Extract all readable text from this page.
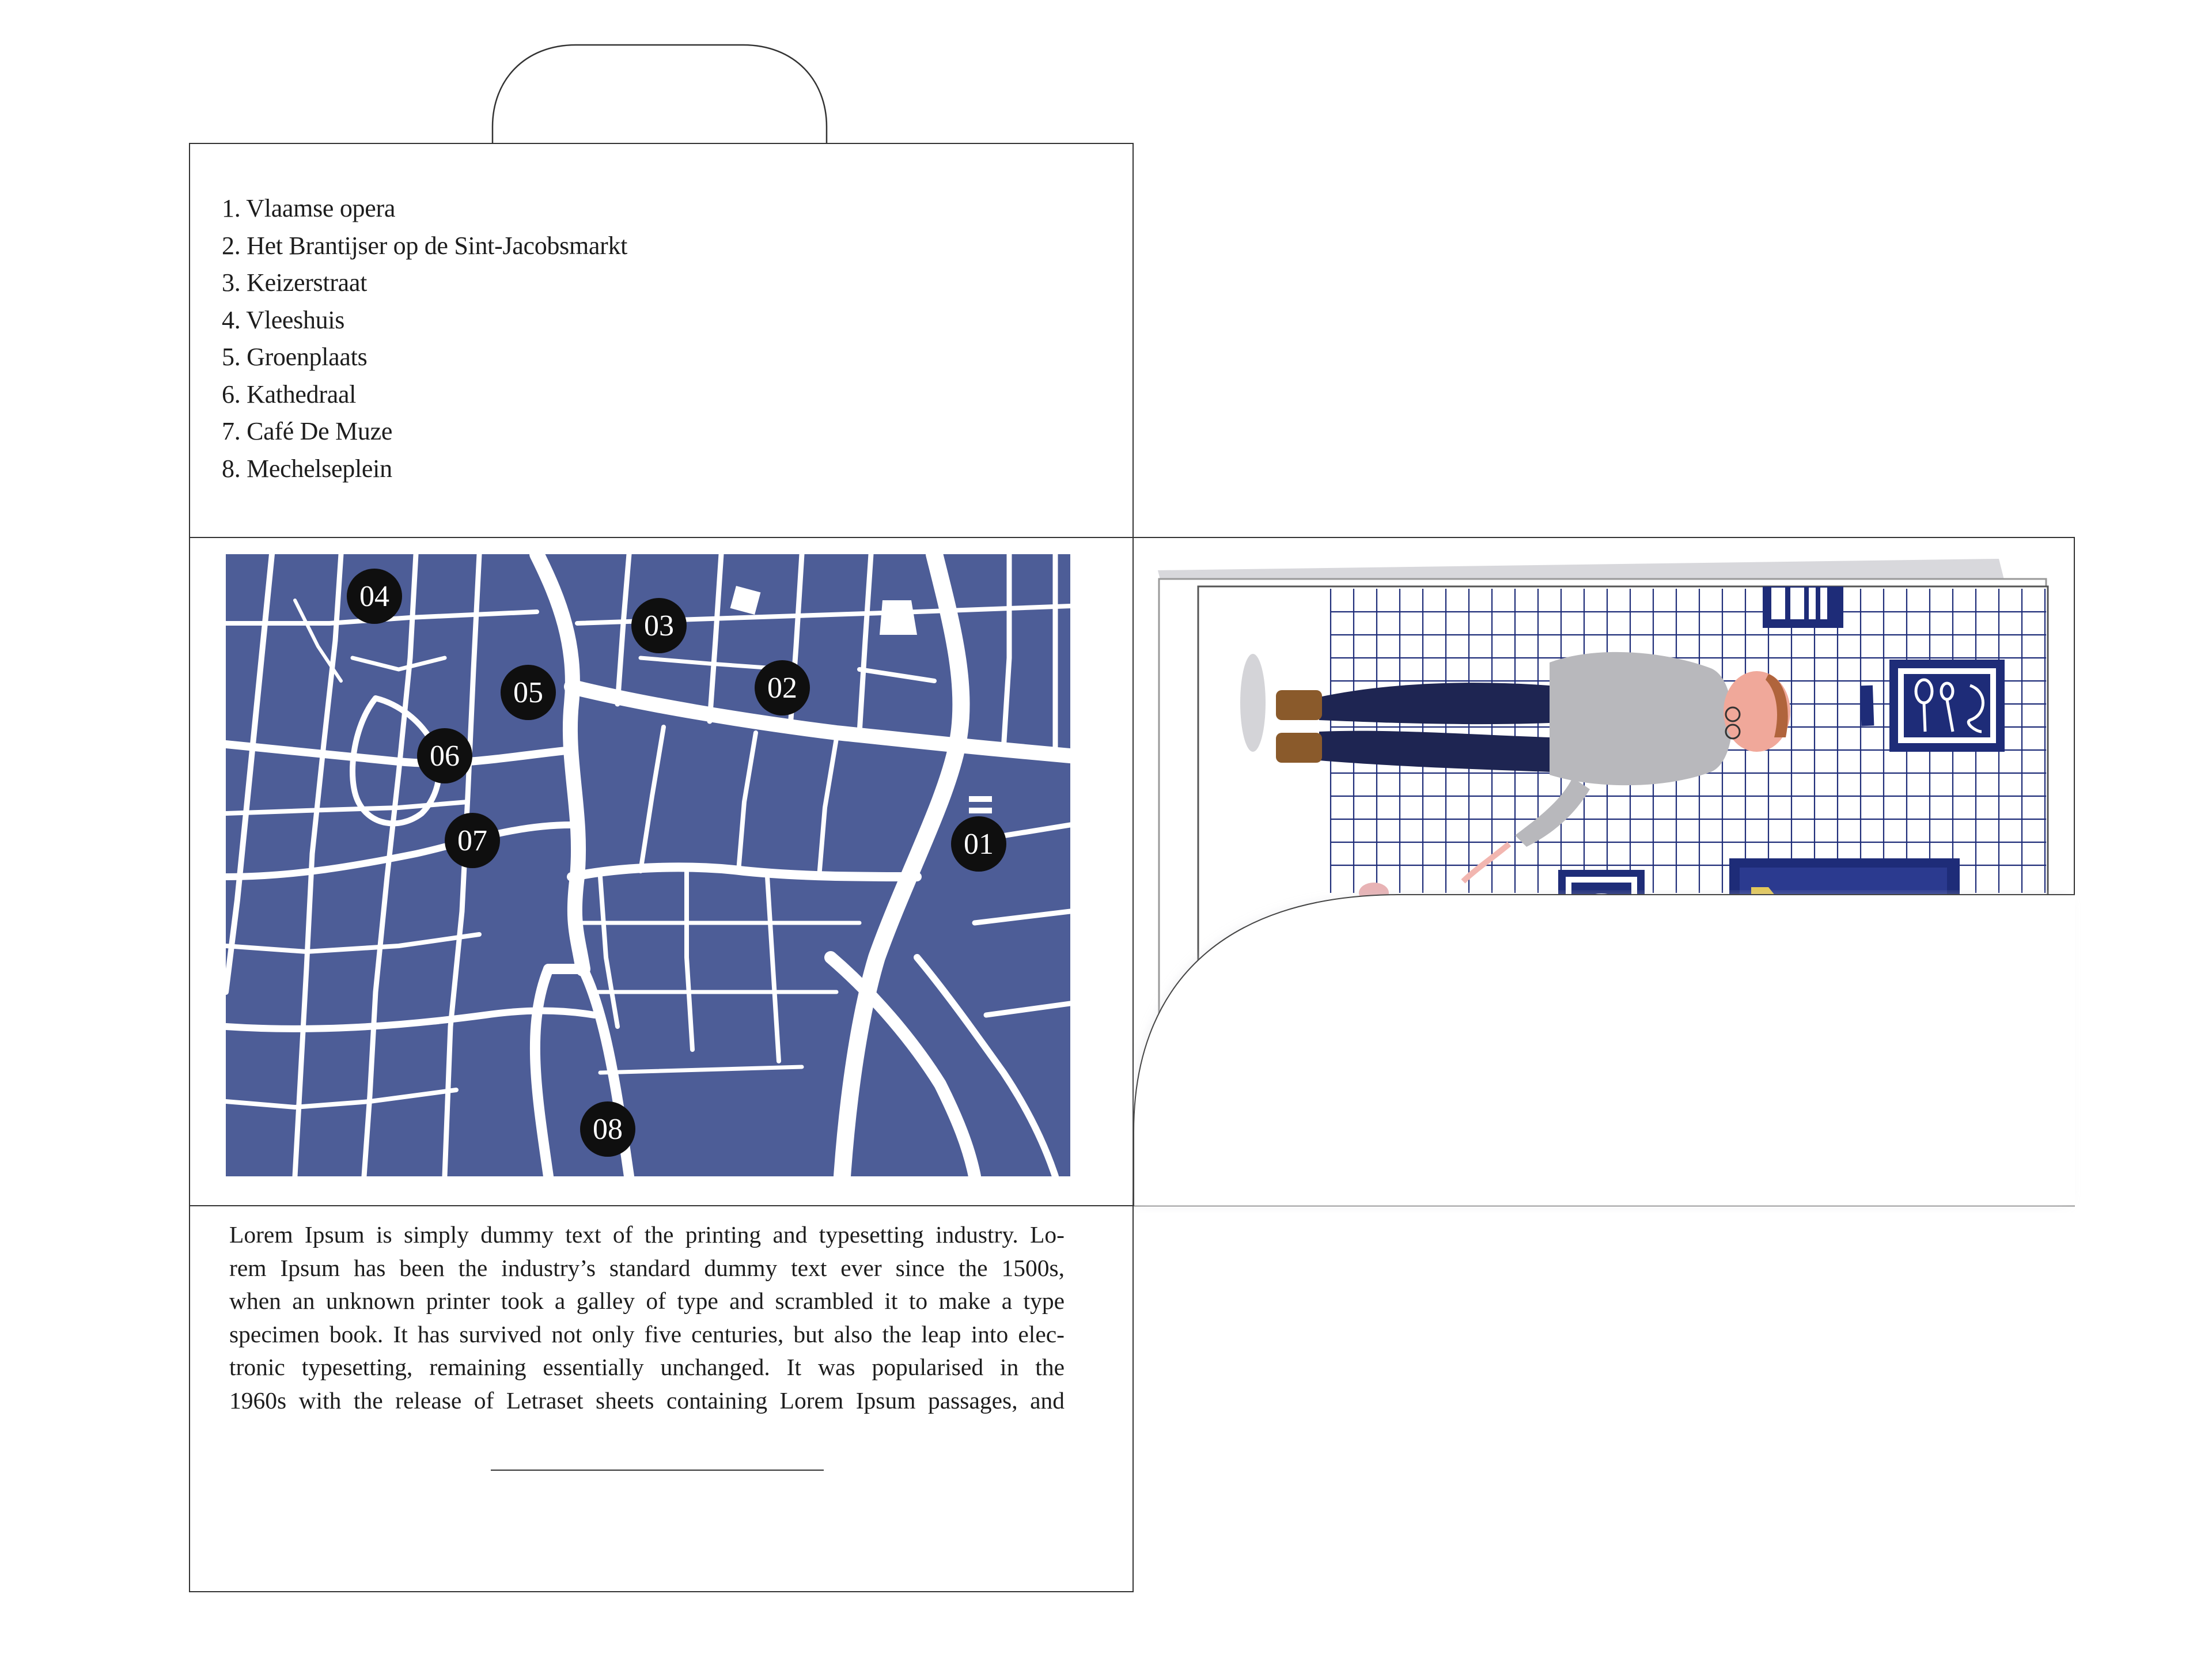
1. Vlaamse opera
2. Het Brantijser op de Sint-Jacobsmarkt
3. Keizerstraat
4. Vleeshuis
5. Groenplaats
6. Kathedraal
7. Café De Muze
8. Mechelseplein
04
03
05	02
06
07	01
08
Lorem Ipsum is simply dummy text of the printing and typesetting industry. Lo-
rem Ipsum has been the industry’s standard dummy text ever since the 1500s,
when an unknown printer took a galley of type and scrambled it to make a type
specimen book. It has survived not only five centuries, but also the leap into elec-
tronic typesetting, remaining essentially unchanged. It was popularised in the
1960s with the release of Letraset sheets containing Lorem Ipsum passages, and
